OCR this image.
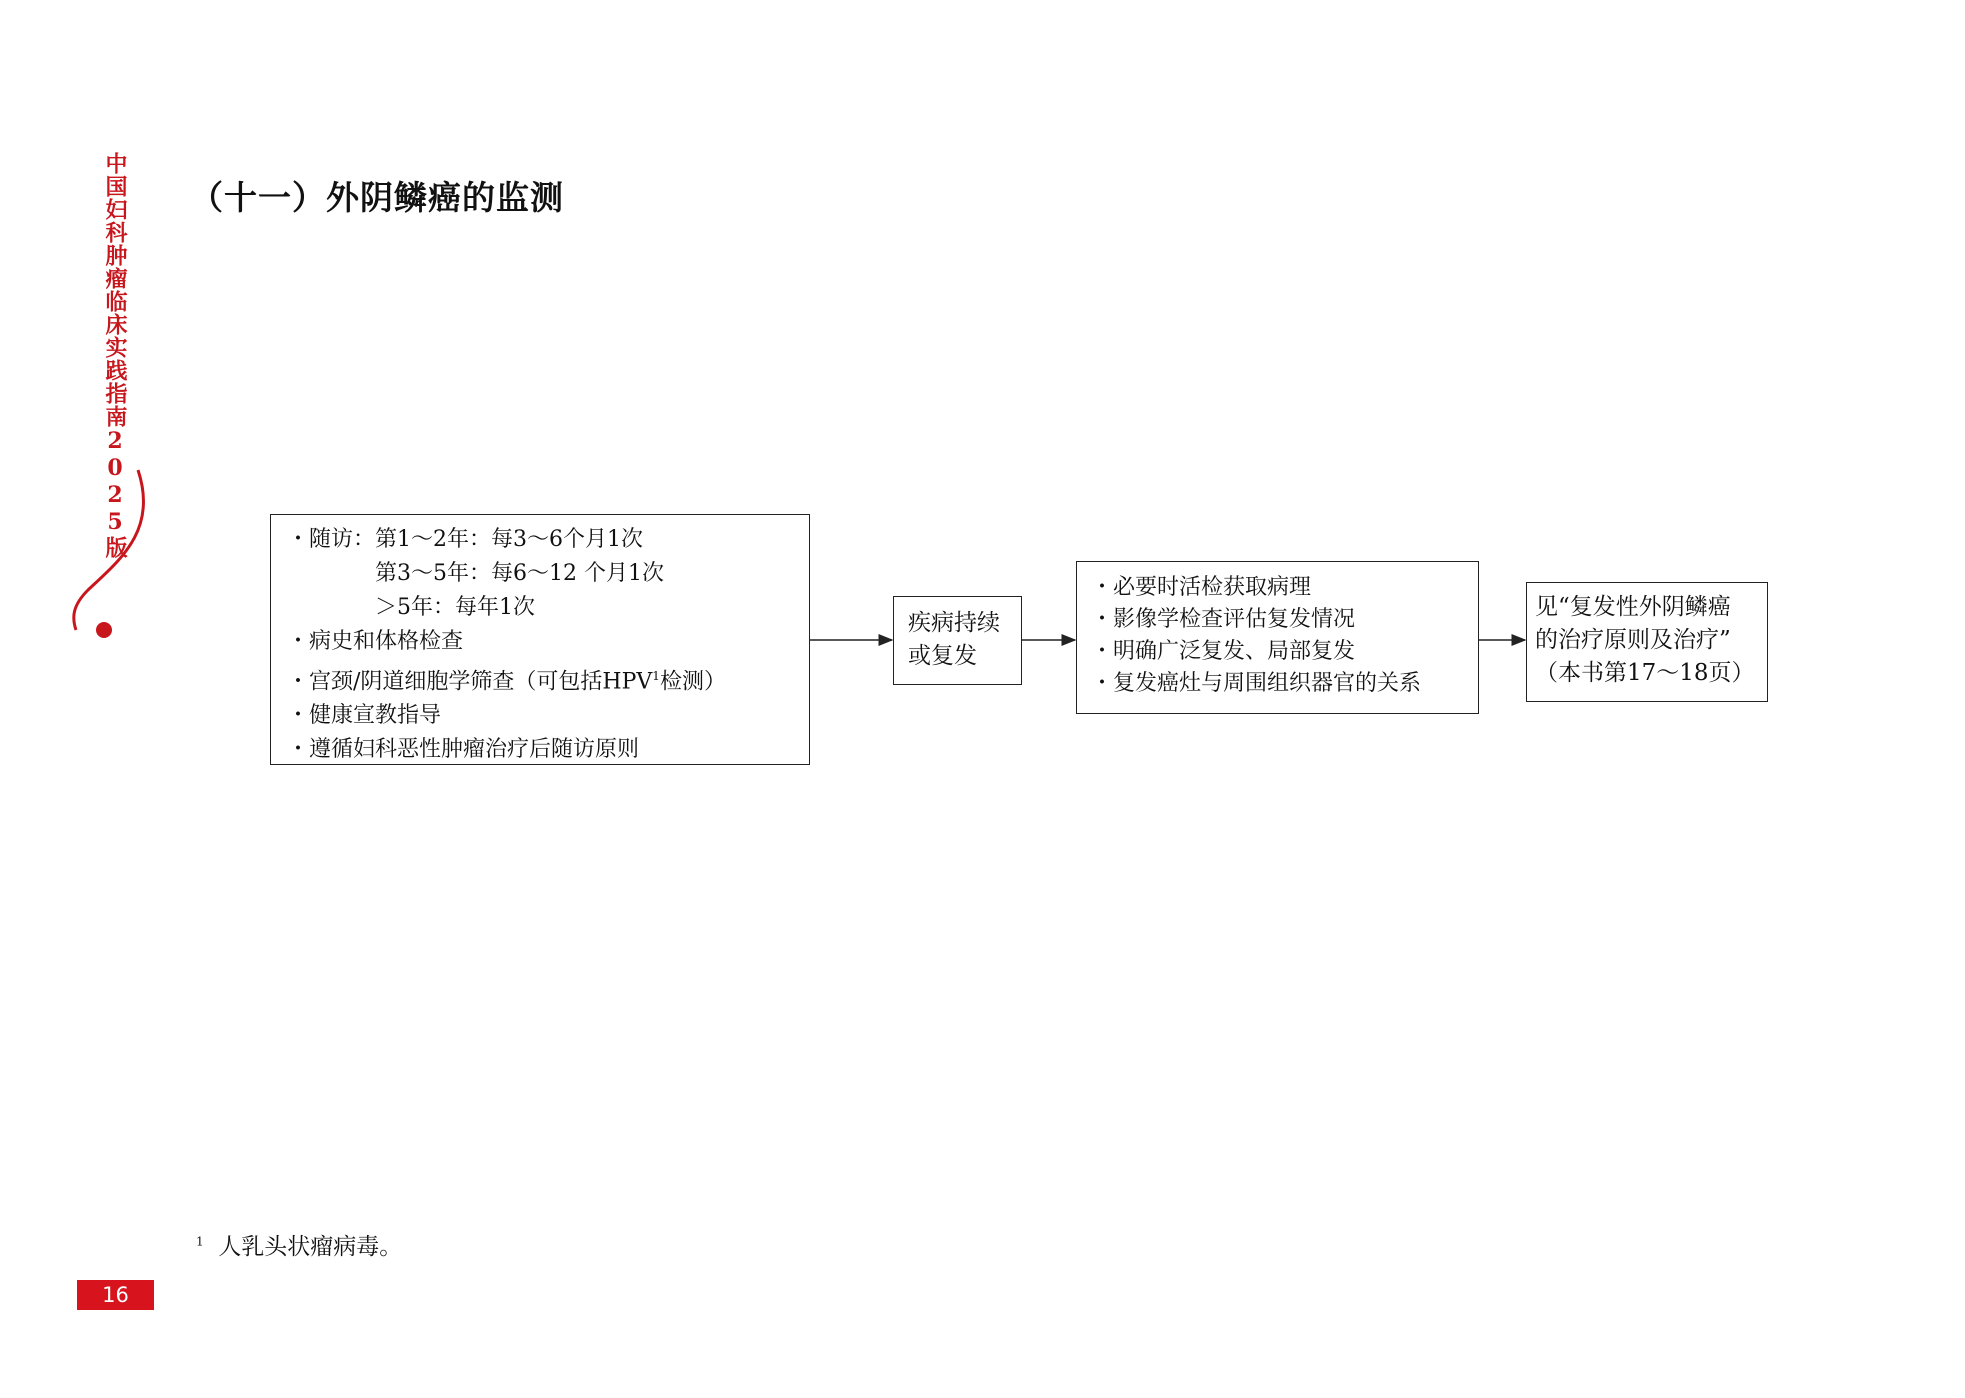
中国妇科肿瘤临床实践指南2025版 （十一）外阴鳞癌的监测
・随访：第1～2年：每3～6个月1次
第3～5年：每6～12 个月1次
＞5年：每年1次
・病史和体格检查
・宫颈/阴道细胞学筛查（可包括HPV$^1$检测）
・健康宣教指导
・遵循妇科恶性肿瘤治疗后随访原则
疾病持续
或复发
・必要时活检获取病理
・影像学检查评估复发情况
・明确广泛复发、局部复发
・复发癌灶与周围组织器官的关系
见“复发性外阴鳞癌
的治疗原则及治疗”
（本书第17～18页）
$^1$ 人乳头状瘤病毒。
16
